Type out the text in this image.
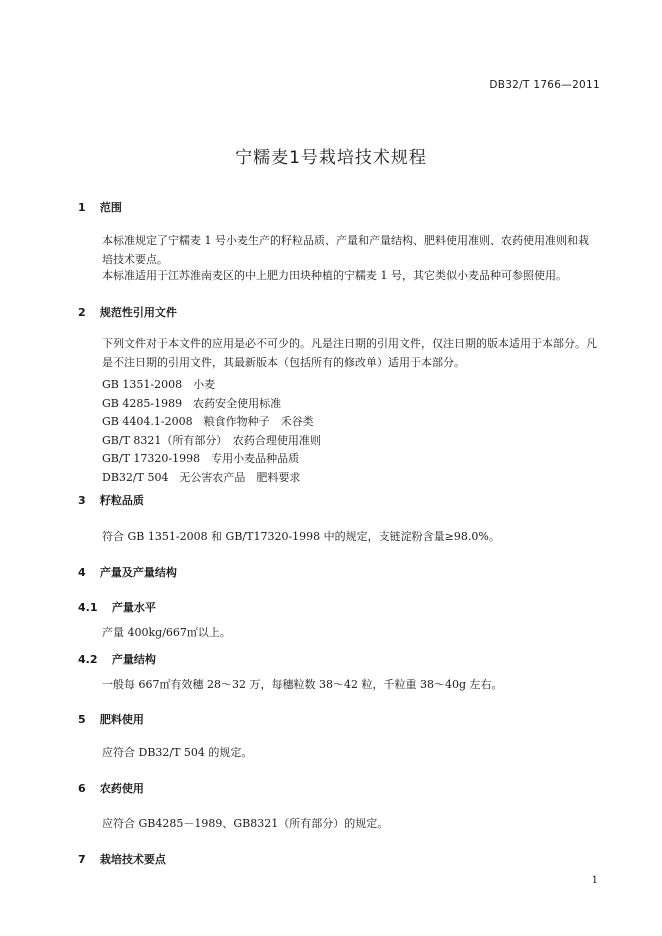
DB32/T 1766—2011
宁糯麦1号栽培技术规程
1 范围
本标准规定了宁糯麦 1 号小麦生产的籽粒品质、产量和产量结构、肥料使用准则、农药使用准则和栽培技术要点。
本标准适用于江苏淮南麦区的中上肥力田块种植的宁糯麦 1 号，其它类似小麦品种可参照使用。
2 规范性引用文件
下列文件对于本文件的应用是必不可少的。凡是注日期的引用文件，仅注日期的版本适用于本部分。凡是不注日期的引用文件，其最新版本（包括所有的修改单）适用于本部分。
GB 1351-2008　小麦
GB 4285-1989　农药安全使用标准
GB 4404.1-2008　粮食作物种子　禾谷类
GB/T 8321（所有部分）　农药合理使用准则
GB/T 17320-1998　专用小麦品种品质
DB32/T 504　无公害农产品　肥料要求
3 籽粒品质
符合 GB 1351-2008 和 GB/T17320-1998 中的规定，支链淀粉含量≥98.0%。
4 产量及产量结构
4.1 产量水平
产量 400kg/667㎡以上。
4.2 产量结构
一般每 667㎡有效穗 28～32 万，每穗粒数 38～42 粒，千粒重 38～40g 左右。
5 肥料使用
应符合 DB32/T 504 的规定。
6 农药使用
应符合 GB4285－1989、GB8321（所有部分）的规定。
7 栽培技术要点
1
